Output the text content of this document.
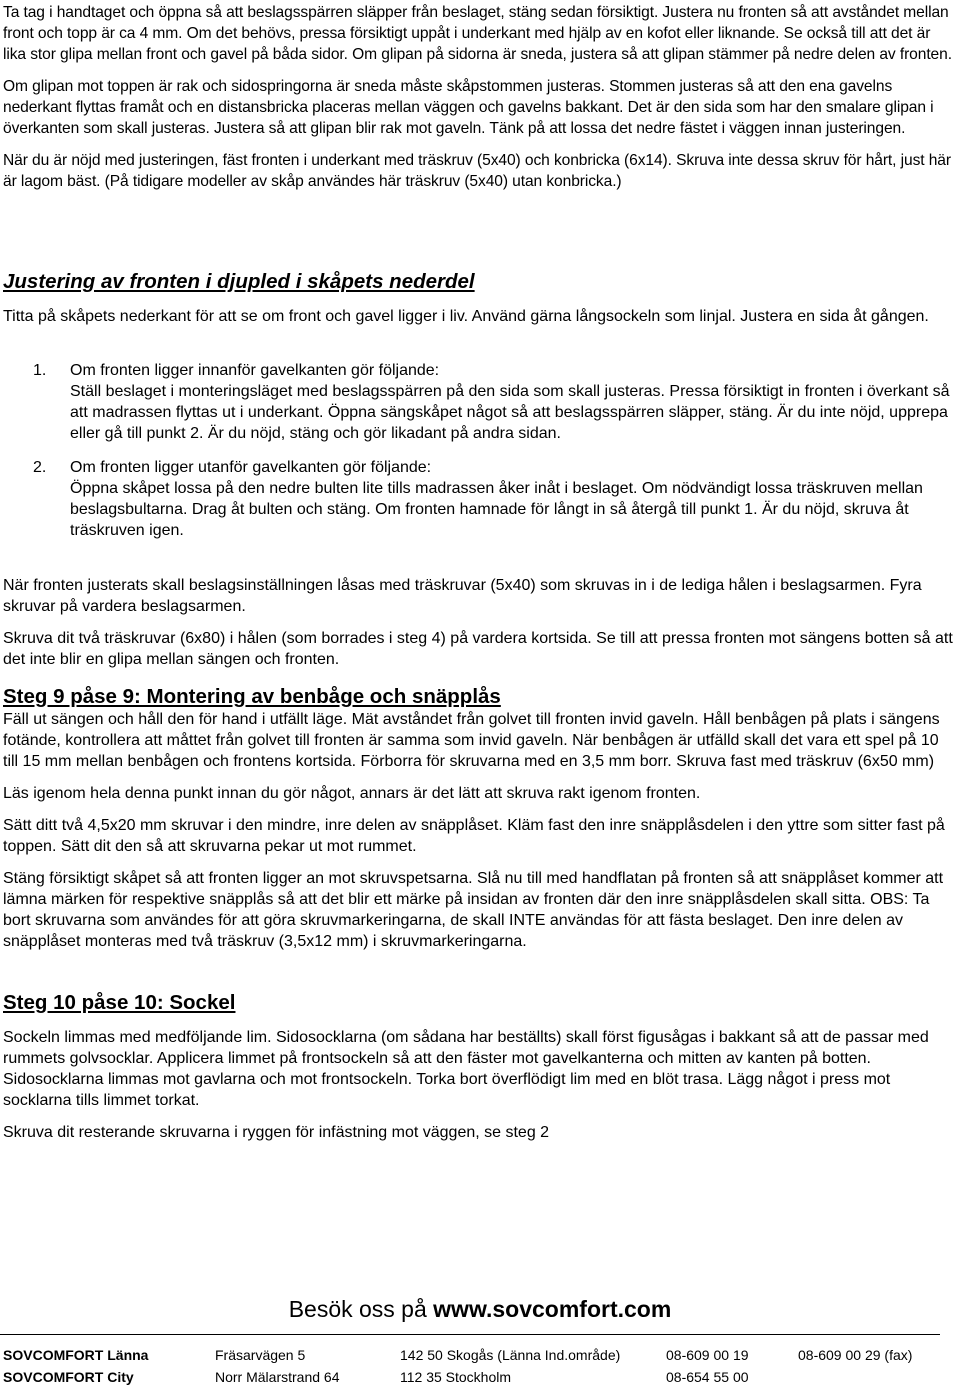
Ta tag i handtaget och öppna så att beslagsspärren släpper från beslaget, stäng sedan försiktigt. Justera nu fronten så att avståndet mellan front och topp är ca 4 mm. Om det behövs, pressa försiktigt uppåt i underkant med hjälp av en kofot eller liknande. Se också till att det är lika stor glipa mellan front och gavel på båda sidor. Om glipan på sidorna är sneda, justera så att glipan stämmer på nedre delen av fronten.

Om glipan mot toppen är rak och sidospringorna är sneda måste skåpstommen justeras. Stommen justeras så att den ena gavelns nederkant flyttas framåt och en distansbricka placeras mellan väggen och gavelns bakkant. Det är den sida som har den smalare glipan i överkanten som skall justeras. Justera så att glipan blir rak mot gaveln. Tänk på att lossa det nedre fästet i väggen innan justeringen.

När du är nöjd med justeringen, fäst fronten i underkant med träskruv (5x40) och konbricka (6x14). Skruva inte dessa skruv för hårt, just här är lagom bäst. (På tidigare modeller av skåp användes här träskruv (5x40) utan konbricka.)

Justering av fronten i djupled i skåpets nederdel

Titta på skåpets nederkant för att se om front och gavel ligger i liv. Använd gärna långsockeln som linjal. Justera en sida åt gången.

1.	Om fronten ligger innanför gavelkanten gör följande:

Ställ beslaget i monteringsläget med beslagsspärren på den sida som skall justeras. Pressa försiktigt in fronten i överkant så att madrassen flyttas ut i underkant. Öppna sängskåpet något så att beslagsspärren släpper, stäng. Är du inte nöjd, upprepa eller gå till punkt 2. Är du nöjd, stäng och gör likadant på andra sidan.

2.	Om fronten ligger utanför gavelkanten gör följande:

Öppna skåpet lossa på den nedre bulten lite tills madrassen åker inåt i beslaget. Om nödvändigt lossa träskruven mellan beslagsbultarna. Drag åt bulten och stäng. Om fronten hamnade för långt in så återgå till punkt 1. Är du nöjd, skruva åt träskruven igen.

När fronten justerats skall beslagsinställningen låsas med träskruvar (5x40) som skruvas in i de lediga hålen i beslagsarmen. Fyra skruvar på vardera beslagsarmen.

Skruva dit två träskruvar (6x80) i hålen (som borrades i steg 4) på vardera kortsida. Se till att pressa fronten mot sängens botten så att det inte blir en glipa mellan sängen och fronten.

Steg 9 påse 9: Montering av benbåge och snäpplås

Fäll ut sängen och håll den för hand i utfällt läge. Mät avståndet från golvet till fronten invid gaveln. Håll benbågen på plats i sängens fotände, kontrollera att måttet från golvet till fronten är samma som invid gaveln. När benbågen är utfälld skall det vara ett spel på 10 till 15 mm mellan benbågen och frontens kortsida. Förborra för skruvarna med en 3,5 mm borr. Skruva fast med träskruv (6x50 mm)

Läs igenom hela denna punkt innan du gör något, annars är det lätt att skruva rakt igenom fronten.

Sätt ditt två 4,5x20 mm skruvar i den mindre, inre delen av snäpplåset. Kläm fast den inre snäpplåsdelen i den yttre som sitter fast på toppen. Sätt dit den så att skruvarna pekar ut mot rummet.

Stäng försiktigt skåpet så att fronten ligger an mot skruvspetsarna. Slå nu till med handflatan på fronten så att snäpplåset kommer att lämna märken för respektive snäpplås så att det blir ett märke på insidan av fronten där den inre snäpplåsdelen skall sitta. OBS: Ta bort skruvarna som användes för att göra skruvmarkeringarna, de skall INTE användas för att fästa beslaget. Den inre delen av snäpplåset monteras med två träskruv (3,5x12 mm) i skruvmarkeringarna.

Steg 10 påse 10: Sockel

Sockeln limmas med medföljande lim. Sidosocklarna (om sådana har beställts) skall först figusågas i bakkant så att de passar med rummets golvsocklar. Applicera limmet på frontsockeln så att den fäster mot gavelkanterna och mitten av kanten på botten. Sidosocklarna limmas mot gavlarna och mot frontsockeln. Torka bort överflödigt lim med en blöt trasa. Lägg något i press mot socklarna tills limmet torkat.

Skruva dit resterande skruvarna i ryggen för infästning mot väggen, se steg 2

Besök oss på www.sovcomfort.com
SOVCOMFORT Länna	Fräsarvägen 5	142 50 Skogås (Länna Ind.område)	08-609 00 19	08-609 00 29 (fax)
SOVCOMFORT City	Norr Mälarstrand 64	112 35 Stockholm	08-654 55 00
